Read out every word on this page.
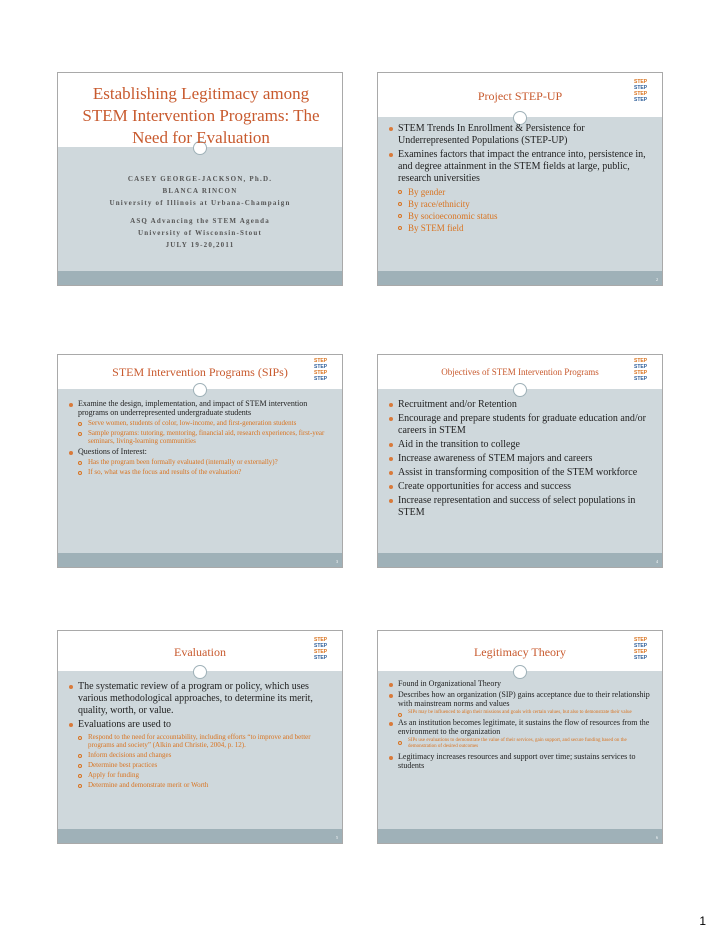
Establishing Legitimacy among STEM Intervention Programs: The Need for Evaluation
CASEY GEORGE-JACKSON, Ph.D.
BLANCA RINCON
University of Illinois at Urbana-Champaign
ASQ Advancing the STEM Agenda
University of Wisconsin-Stout
JULY 19-20,2011
Project STEP-UP
STEP
STEP
STEP
STEP
STEM Trends In Enrollment & Persistence for Underrepresented Populations (STEP-UP)
Examines factors that impact the entrance into, persistence in, and degree attainment in the STEM fields at large, public, research universities
By gender
By race/ethnicity
By socioeconomic status
By STEM field
2
STEM Intervention Programs (SIPs)
STEP
STEP
STEP
STEP
Examine the design, implementation, and impact of STEM intervention programs on underrepresented undergraduate students
Serve women, students of color, low-income, and first-generation students
Sample programs: tutoring, mentoring, financial aid, research experiences, first-year seminars, living-learning communities
Questions of Interest:
Has the program been formally evaluated (internally or externally)?
If so, what was the focus and results of the evaluation?
3
Objectives of STEM Intervention Programs
STEP
STEP
STEP
STEP
Recruitment and/or Retention
Encourage and prepare students for graduate education and/or careers in STEM
Aid in the transition to college
Increase awareness of STEM majors and careers
Assist in transforming composition of the STEM workforce
Create opportunities for access and success
Increase representation and success of select populations in STEM
4
Evaluation
STEP
STEP
STEP
STEP
The systematic review of a program or policy, which uses various methodological approaches, to determine its merit, quality, worth, or value.
Evaluations are used to
Respond to the need for accountability, including efforts “to improve and better programs and society” (Alkin and Christie, 2004, p. 12).
Inform decisions and changes
Determine best practices
Apply for funding
Determine and demonstrate merit or Worth
5
Legitimacy Theory
STEP
STEP
STEP
STEP
Found in Organizational Theory
Describes how an organization (SIP) gains acceptance due to their relationship with mainstream norms and values
SIPs may be influenced to align their missions and goals with certain values, but also to demonstrate their value
As an institution becomes legitimate, it sustains the flow of resources from the environment to the organization
SIPs use evaluations to demonstrate the value of their services, gain support, and secure funding based on the demonstration of desired outcomes
Legitimacy increases resources and support over time; sustains services to students
6
1
